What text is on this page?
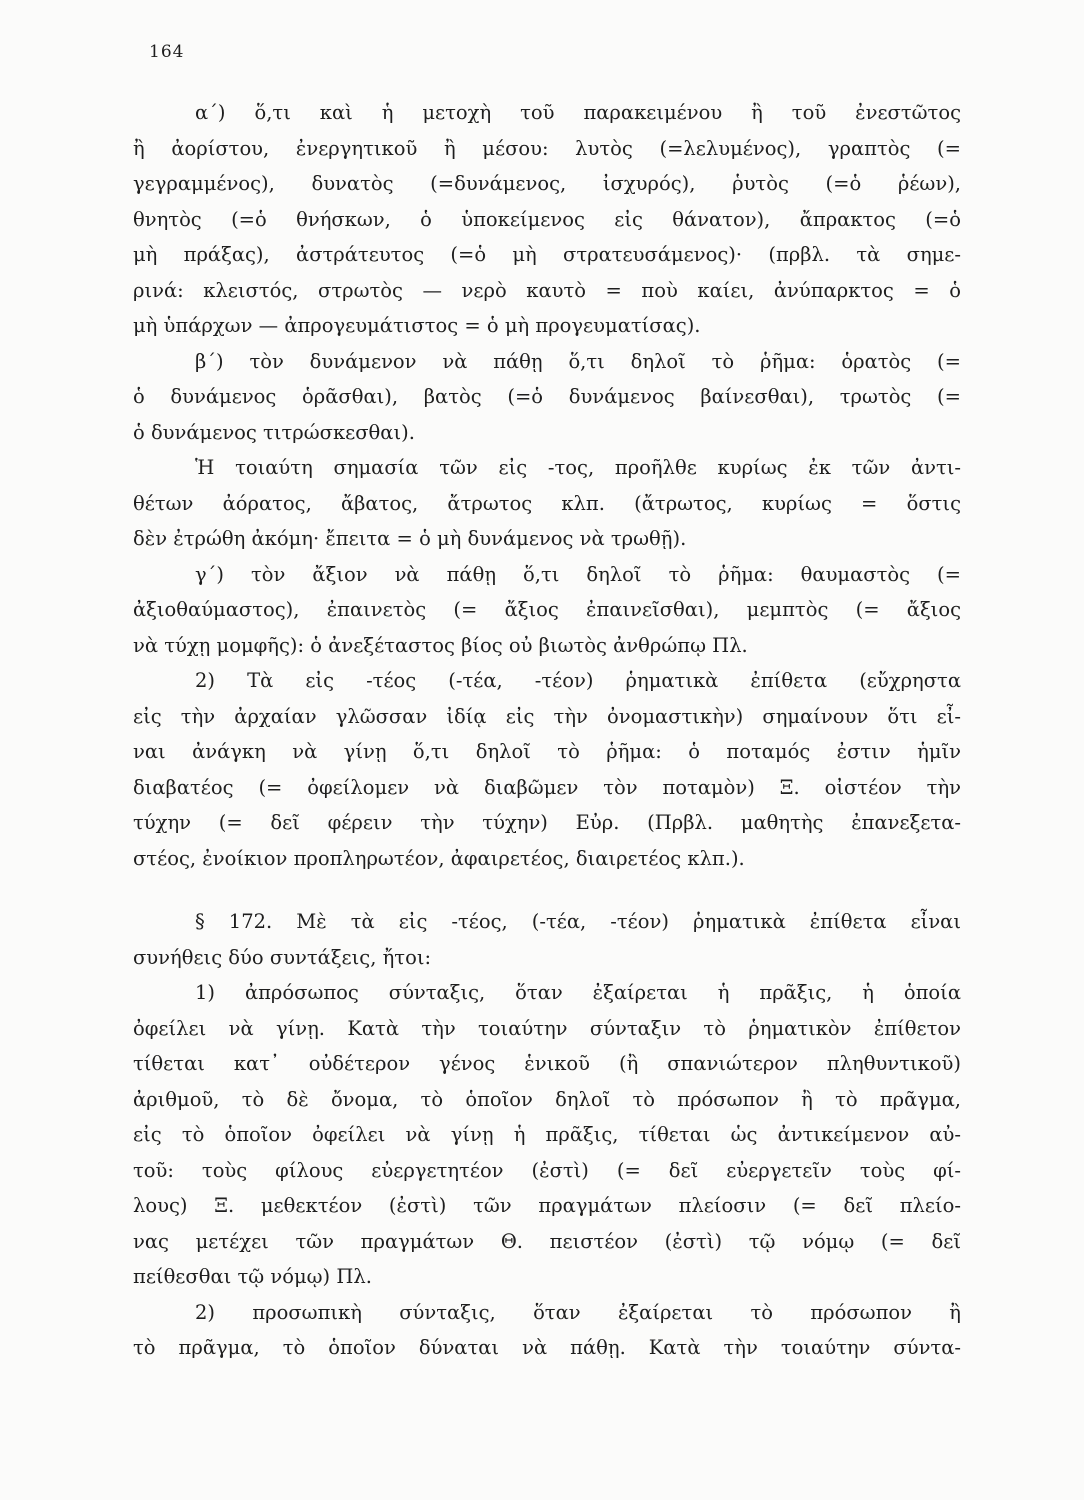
164
α΄) ὅ,τι καὶ ἡ μετοχὴ τοῦ παρακειμένου ἢ τοῦ ἐνεστῶτος
ἢ ἀορίστου, ἐνεργητικοῦ ἢ μέσου: λυτὸς (=λελυμένος), γραπτὸς (=
γεγραμμένος), δυνατὸς (=δυνάμενος, ἰσχυρός), ῥυτὸς (=ὁ ῥέων),
θνητὸς (=ὁ θνήσκων, ὁ ὑποκείμενος εἰς θάνατον), ἄπρακτος (=ὁ
μὴ πράξας), ἀστράτευτος (=ὁ μὴ στρατευσάμενος)· (πρβλ. τὰ σημε-
ρινά: κλειστός, στρωτὸς — νερὸ καυτὸ = ποὺ καίει, ἀνύπαρκτος = ὁ
μὴ ὑπάρχων — ἀπρογευμάτιστος = ὁ μὴ προγευματίσας).
β΄) τὸν δυνάμενον νὰ πάθῃ ὅ,τι δηλοῖ τὸ ῥῆμα: ὁρατὸς (=
ὁ δυνάμενος ὁρᾶσθαι), βατὸς (=ὁ δυνάμενος βαίνεσθαι), τρωτὸς (=
ὁ δυνάμενος τιτρώσκεσθαι).
Ἡ τοιαύτη σημασία τῶν εἰς -τος, προῆλθε κυρίως ἐκ τῶν ἀντι-
θέτων ἀόρατος, ἄβατος, ἄτρωτος κλπ. (ἄτρωτος, κυρίως = ὅστις
δὲν ἐτρώθη ἀκόμη· ἔπειτα = ὁ μὴ δυνάμενος νὰ τρωθῇ).
γ΄) τὸν ἄξιον νὰ πάθῃ ὅ,τι δηλοῖ τὸ ῥῆμα: θαυμαστὸς (=
ἀξιοθαύμαστος), ἐπαινετὸς (= ἄξιος ἐπαινεῖσθαι), μεμπτὸς (= ἄξιος
νὰ τύχῃ μομφῆς): ὁ ἀνεξέταστος βίος οὐ βιωτὸς ἀνθρώπῳ Πλ.
2) Τὰ εἰς -τέος (-τέα, -τέον) ῥηματικὰ ἐπίθετα (εὔχρηστα
εἰς τὴν ἀρχαίαν γλῶσσαν ἰδίᾳ εἰς τὴν ὀνομαστικὴν) σημαίνουν ὅτι εἶ-
ναι ἀνάγκη νὰ γίνῃ ὅ,τι δηλοῖ τὸ ῥῆμα: ὁ ποταμός ἐστιν ἡμῖν
διαβατέος (= ὀφείλομεν νὰ διαβῶμεν τὸν ποταμὸν) Ξ. οἰστέον τὴν
τύχην (= δεῖ φέρειν τὴν τύχην) Εὐρ. (Πρβλ. μαθητὴς ἐπανεξετα-
στέος, ἐνοίκιον προπληρωτέον, ἀφαιρετέος, διαιρετέος κλπ.).
§ 172. Μὲ τὰ εἰς -τέος, (-τέα, -τέον) ῥηματικὰ ἐπίθετα εἶναι
συνήθεις δύο συντάξεις, ἤτοι:
1) ἀπρόσωπος σύνταξις, ὅταν ἐξαίρεται ἡ πρᾶξις, ἡ ὁποία
ὀφείλει νὰ γίνῃ. Κατὰ τὴν τοιαύτην σύνταξιν τὸ ῥηματικὸν ἐπίθετον
τίθεται κατ᾽ οὐδέτερον γένος ἑνικοῦ (ἢ σπανιώτερον πληθυντικοῦ)
ἀριθμοῦ, τὸ δὲ ὄνομα, τὸ ὁποῖον δηλοῖ τὸ πρόσωπον ἢ τὸ πρᾶγμα,
εἰς τὸ ὁποῖον ὀφείλει νὰ γίνῃ ἡ πρᾶξις, τίθεται ὡς ἀντικείμενον αὐ-
τοῦ: τοὺς φίλους εὐεργετητέον (ἐστὶ) (= δεῖ εὐεργετεῖν τοὺς φί-
λους) Ξ. μεθεκτέον (ἐστὶ) τῶν πραγμάτων πλείοσιν (= δεῖ πλείο-
νας μετέχει τῶν πραγμάτων Θ. πειστέον (ἐστὶ) τῷ νόμῳ (= δεῖ
πείθεσθαι τῷ νόμῳ) Πλ.
2) προσωπικὴ σύνταξις, ὅταν ἐξαίρεται τὸ πρόσωπον ἢ
τὸ πρᾶγμα, τὸ ὁποῖον δύναται νὰ πάθῃ. Κατὰ τὴν τοιαύτην σύντα-
